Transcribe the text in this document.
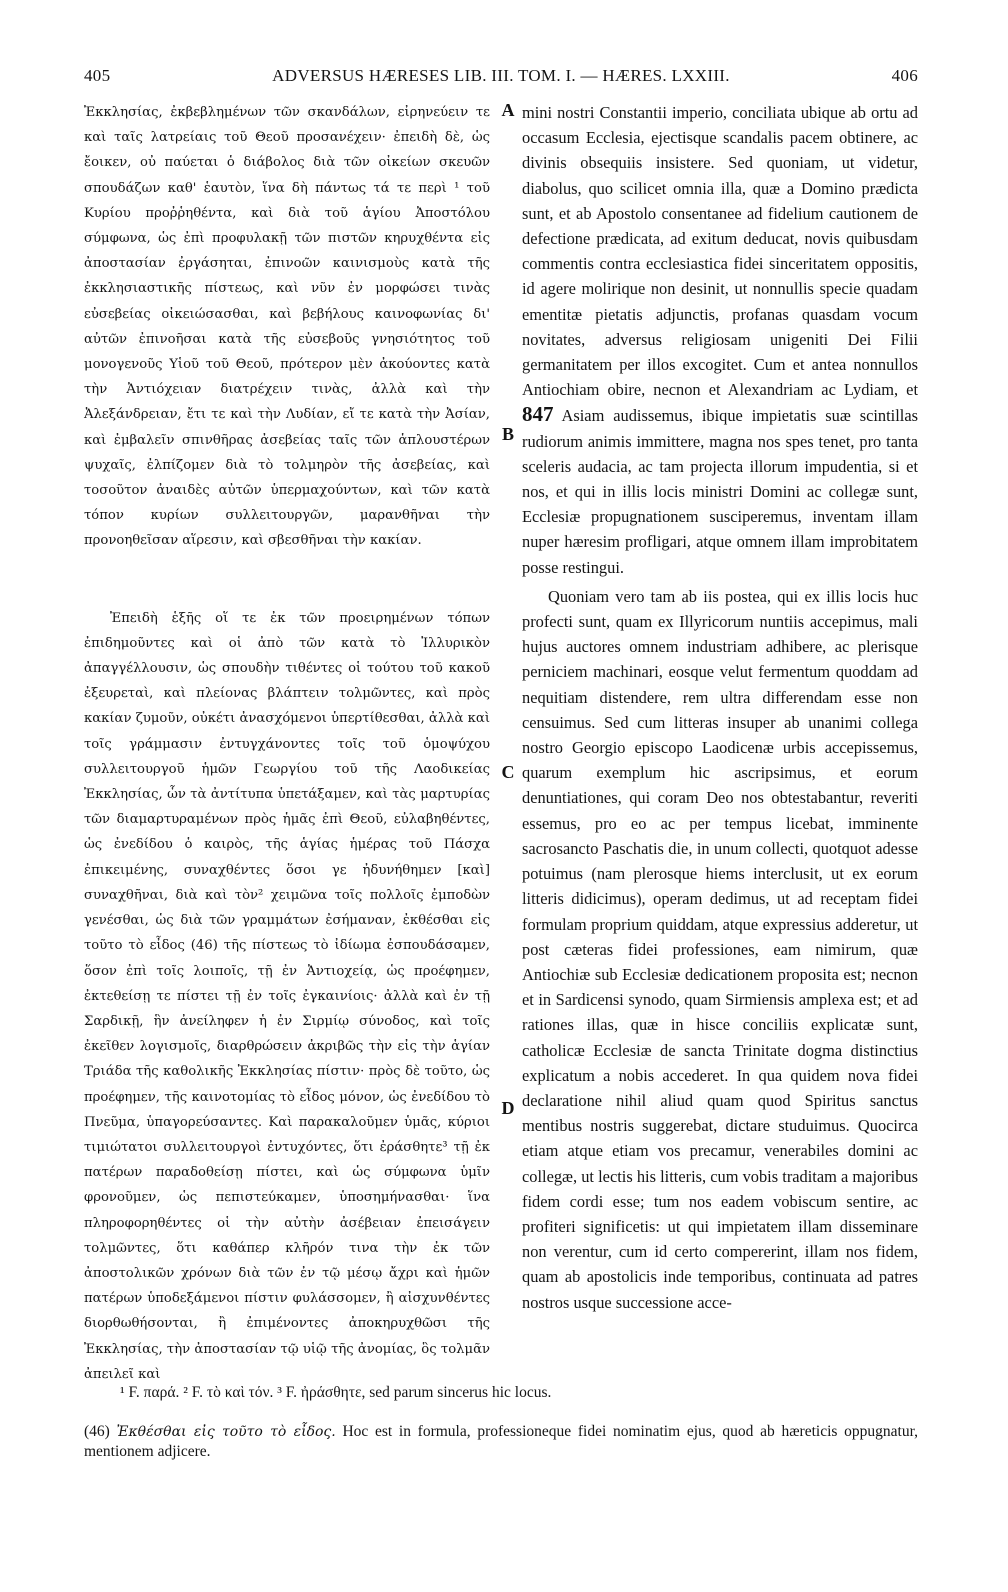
405	ADVERSUS HÆRESES LIB. III. TOM. I. — HÆRES. LXXIII.	406

Ἐκκλησίας, ἐκβεβλημένων τῶν σκανδάλων, εἰρηνεύειν τε καὶ ταῖς λατρείαις τοῦ Θεοῦ προσανέχειν· ἐπειδὴ δὲ, ὡς ἔοικεν, οὐ παύεται ὁ διάβολος διὰ τῶν οἰκείων σκευῶν σπουδάζων καθ' ἑαυτὸν, ἵνα δὴ πάντως τά τε περὶ ¹ τοῦ Κυρίου προῤῥηθέντα, καὶ διὰ τοῦ ἁγίου Ἀποστόλου σύμφωνα, ὡς ἐπὶ προφυλακῇ τῶν πιστῶν κηρυχθέντα εἰς ἀποστασίαν ἐργάσηται, ἐπινοῶν καινισμοὺς κατὰ τῆς ἐκκλησιαστικῆς πίστεως, καὶ νῦν ἐν μορφώσει τινὰς εὐσεβείας οἰκειώσασθαι, καὶ βεβήλους καινοφωνίας δι' αὐτῶν ἐπινοῆσαι κατὰ τῆς εὐσεβοῦς γνησιότητος τοῦ μονογενοῦς Υἱοῦ τοῦ Θεοῦ, πρότερον μὲν ἀκούοντες κατὰ τὴν Ἀντιόχειαν διατρέχειν τινὰς, ἀλλὰ καὶ τὴν Ἀλεξάνδρειαν, ἔτι τε καὶ τὴν Λυδίαν, εἴ τε κατὰ τὴν Ἀσίαν, καὶ ἐμβαλεῖν σπινθῆρας ἀσεβείας ταῖς τῶν ἁπλουστέρων ψυχαῖς, ἐλπίζομεν διὰ τὸ τολμηρὸν τῆς ἀσεβείας, καὶ τοσοῦτον ἀναιδὲς αὐτῶν ὑπερμαχούντων, καὶ τῶν κατὰ τόπον κυρίων συλλειτουργῶν, μαρανθῆναι τὴν προνοηθεῖσαν αἵρεσιν, καὶ σβεσθῆναι τὴν κακίαν.

Ἐπειδὴ ἑξῆς οἵ τε ἐκ τῶν προειρημένων τόπων ἐπιδημοῦντες καὶ οἱ ἀπὸ τῶν κατὰ τὸ Ἰλλυρικὸν ἀπαγγέλλουσιν, ὡς σπουδὴν τιθέντες οἱ τούτου τοῦ κακοῦ ἐξευρεταὶ, καὶ πλείονας βλάπτειν τολμῶντες, καὶ πρὸς κακίαν ζυμοῦν, οὐκέτι ἀνασχόμενοι ὑπερτίθεσθαι, ἀλλὰ καὶ τοῖς γράμμασιν ἐντυγχάνοντες τοῖς τοῦ ὁμοψύχου συλλειτουργοῦ ἡμῶν Γεωργίου τοῦ τῆς Λαοδικείας Ἐκκλησίας, ὧν τὰ ἀντίτυπα ὑπετάξαμεν, καὶ τὰς μαρτυρίας τῶν διαμαρτυραμένων πρὸς ἡμᾶς ἐπὶ Θεοῦ, εὐλαβηθέντες, ὡς ἐνεδίδου ὁ καιρὸς, τῆς ἁγίας ἡμέρας τοῦ Πάσχα ἐπικειμένης, συναχθέντες ὅσοι γε ἠδυνήθημεν [καὶ] συναχθῆναι, διὰ καὶ τὸν² χειμῶνα τοῖς πολλοῖς ἐμποδὼν γενέσθαι, ὡς διὰ τῶν γραμμάτων ἐσήμαναν, ἐκθέσθαι εἰς τοῦτο τὸ εἶδος (46) τῆς πίστεως τὸ ἰδίωμα ἐσπουδάσαμεν, ὅσον ἐπὶ τοῖς λοιποῖς, τῇ ἐν Ἀντιοχείᾳ, ὡς προέφημεν, ἐκτεθείσῃ τε πίστει τῇ ἐν τοῖς ἐγκαινίοις· ἀλλὰ καὶ ἐν τῇ Σαρδικῇ, ἣν ἀνείληφεν ἡ ἐν Σιρμίῳ σύνοδος, καὶ τοῖς ἐκεῖθεν λογισμοῖς, διαρθρώσειν ἀκριβῶς τὴν εἰς τὴν ἁγίαν Τριάδα τῆς καθολικῆς Ἐκκλησίας πίστιν· πρὸς δὲ τοῦτο, ὡς προέφημεν, τῆς καινοτομίας τὸ εἶδος μόνον, ὡς ἐνεδίδου τὸ Πνεῦμα, ὑπαγορεύσαντες. Καὶ παρακαλοῦμεν ὑμᾶς, κύριοι τιμιώτατοι συλλειτουργοὶ ἐντυχόντες, ὅτι ἐράσθητε³ τῇ ἐκ πατέρων παραδοθείσῃ πίστει, καὶ ὡς σύμφωνα ὑμῖν φρονοῦμεν, ὡς πεπιστεύκαμεν, ὑποσημήνασθαι· ἵνα πληροφορηθέντες οἱ τὴν αὐτὴν ἀσέβειαν ἐπεισάγειν τολμῶντες, ὅτι καθάπερ κλῆρόν τινα τὴν ἐκ τῶν ἀποστολικῶν χρόνων διὰ τῶν ἐν τῷ μέσῳ ἄχρι καὶ ἡμῶν πατέρων ὑποδεξάμενοι πίστιν φυλάσσομεν, ἢ αἰσχυνθέντες διορθωθήσονται, ἢ ἐπιμένοντες ἀποκηρυχθῶσι τῆς Ἐκκλησίας, τὴν ἀποστασίαν τῷ υἱῷ τῆς ἀνομίας, ὃς τολμᾶν ἀπειλεῖ καὶ

A
B
C
D

mini nostri Constantii imperio, conciliata ubique ab ortu ad occasum Ecclesia, ejectisque scandalis pacem obtinere, ac divinis obsequiis insistere. Sed quoniam, ut videtur, diabolus, quo scilicet omnia illa, quæ a Domino prædicta sunt, et ab Apostolo consentanee ad fidelium cautionem de defectione prædicata, ad exitum deducat, novis quibusdam commentis contra ecclesiastica fidei sinceritatem oppositis, id agere molirique non desinit, ut nonnullis specie quadam ementitæ pietatis adjunctis, profanas quasdam vocum novitates, adversus religiosam unigeniti Dei Filii germanitatem per illos excogitet. Cum et antea nonnullos Antiochiam obire, necnon et Alexandriam ac Lydiam, et 847 Asiam audissemus, ibique impietatis suæ scintillas rudiorum animis immittere, magna nos spes tenet, pro tanta sceleris audacia, ac tam projecta illorum impudentia, si et nos, et qui in illis locis ministri Domini ac collegæ sunt, Ecclesiæ propugnationem susciperemus, inventam illam nuper hæresim profligari, atque omnem illam improbitatem posse restingui.

Quoniam vero tam ab iis postea, qui ex illis locis huc profecti sunt, quam ex Illyricorum nuntiis accepimus, mali hujus auctores omnem industriam adhibere, ac plerisque perniciem machinari, eosque velut fermentum quoddam ad nequitiam distendere, rem ultra differendam esse non censuimus. Sed cum litteras insuper ab unanimi collega nostro Georgio episcopo Laodicenæ urbis accepissemus, quarum exemplum hic ascripsimus, et eorum denuntiationes, qui coram Deo nos obtestabantur, reveriti essemus, pro eo ac per tempus licebat, imminente sacrosancto Paschatis die, in unum collecti, quotquot adesse potuimus (nam plerosque hiems interclusit, ut ex eorum litteris didicimus), operam dedimus, ut ad receptam fidei formulam proprium quiddam, atque expressius adderetur, ut post cæteras fidei professiones, eam nimirum, quæ Antiochiæ sub Ecclesiæ dedicationem proposita est; necnon et in Sardicensi synodo, quam Sirmiensis amplexa est; et ad rationes illas, quæ in hisce conciliis explicatæ sunt, catholicæ Ecclesiæ de sancta Trinitate dogma distinctius explicatum a nobis accederet. In qua quidem nova fidei declaratione nihil aliud quam quod Spiritus sanctus mentibus nostris suggerebat, dictare studuimus. Quocirca etiam atque etiam vos precamur, venerabiles domini ac collegæ, ut lectis his litteris, cum vobis traditam a majoribus fidem cordi esse; tum nos eadem vobiscum sentire, ac profiteri significetis: ut qui impietatem illam disseminare non verentur, cum id certo compererint, illam nos fidem, quam ab apostolicis inde temporibus, continuata ad patres nostros usque successione acce-

¹ F. παρά. ² F. τὸ καὶ τόν. ³ F. ἠράσθητε, sed parum sincerus hic locus.
(46) Ἐκθέσθαι εἰς τοῦτο τὸ εἶδος. Hoc est in formula, professioneque fidei nominatim ejus, quod ab hæreticis oppugnatur, mentionem adjicere.
